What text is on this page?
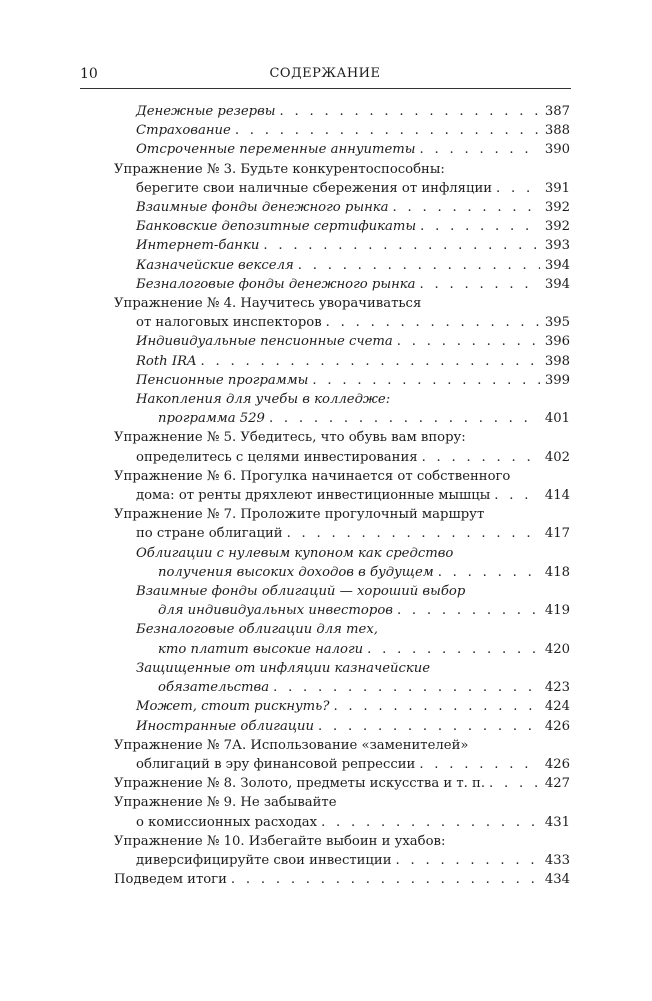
10	СОДЕРЖАНИЕ
Денежные резервы . . .	387
Страхование . . .	388
Отсроченные переменные аннуитеты . . .	390
Упражнение № 3. Будьте конкурентоспособны:
берегите свои наличные сбережения от инфляции . . .	391
Взаимные фонды денежного рынка . . .	392
Банковские депозитные сертификаты . . .	392
Интернет-банки . . .	393
Казначейские векселя . . .	394
Безналоговые фонды денежного рынка . . .	394
Упражнение № 4. Научитесь уворачиваться
от налоговых инспекторов . . .	395
Индивидуальные пенсионные счета . . .	396
Roth IRA . . .	398
Пенсионные программы . . .	399
Накопления для учебы в колледже:
программа 529 . . .	401
Упражнение № 5. Убедитесь, что обувь вам впору:
определитесь с целями инвестирования . . .	402
Упражнение № 6. Прогулка начинается от собственного
дома: от ренты дряхлеют инвестиционные мышцы . . .	414
Упражнение № 7. Проложите прогулочный маршрут
по стране облигаций . . .	417
Облигации с нулевым купоном как средство
получения высоких доходов в будущем . . .	418
Взаимные фонды облигаций — хороший выбор
для индивидуальных инвесторов . . .	419
Безналоговые облигации для тех,
кто платит высокие налоги . . .	420
Защищенные от инфляции казначейские
обязательства . . .	423
Может, стоит рискнуть? . . .	424
Иностранные облигации . . .	426
Упражнение № 7А. Использование «заменителей»
облигаций в эру финансовой репрессии . . .	426
Упражнение № 8. Золото, предметы искусства и т. п. . . .	427
Упражнение № 9. Не забывайте
о комиссионных расходах . . .	431
Упражнение № 10. Избегайте выбоин и ухабов:
диверсифицируйте свои инвестиции . . .	433
Подведем итоги . . .	434
